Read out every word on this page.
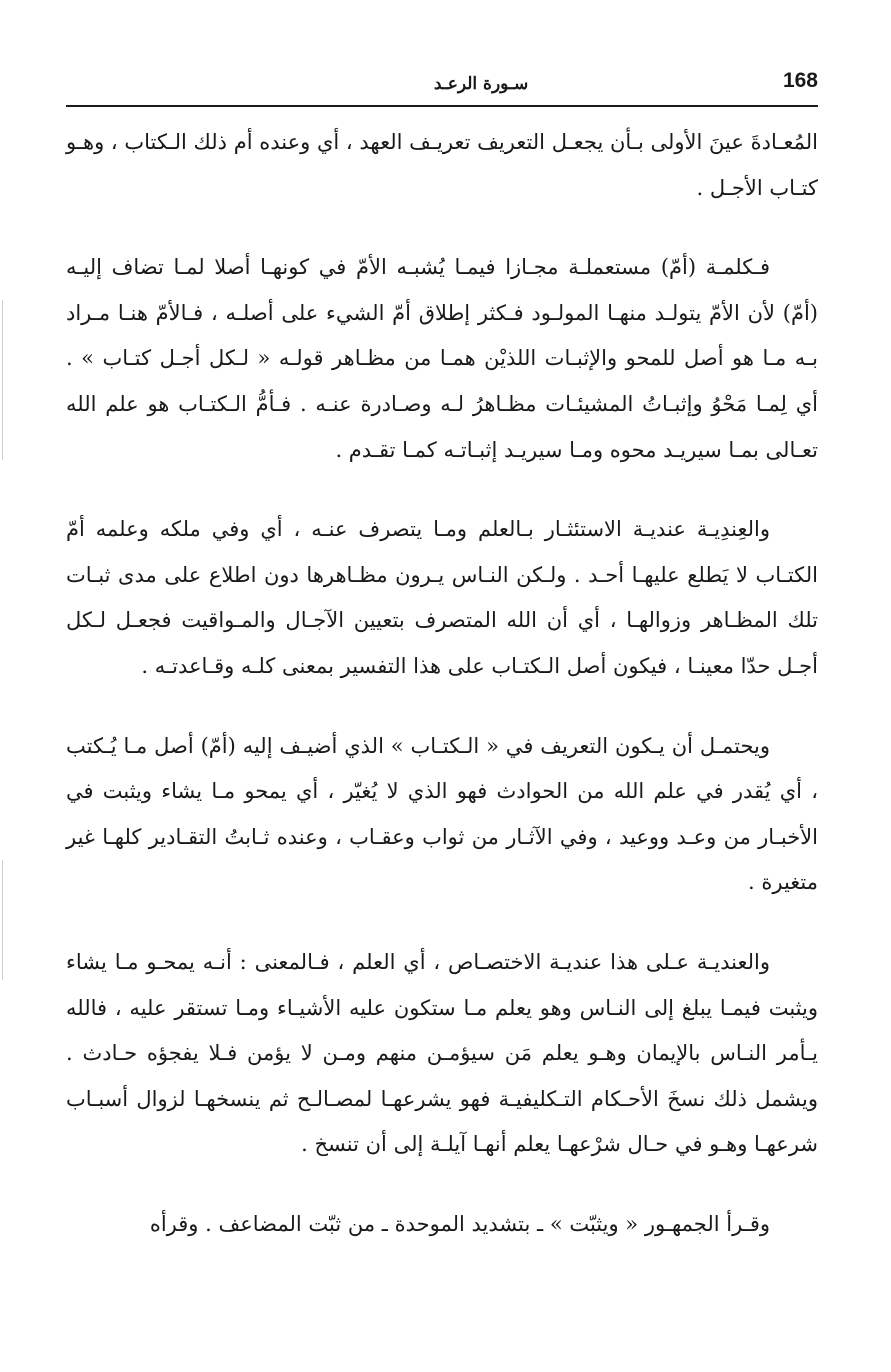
سـورة الرعـد	168

المُعـادةَ عينَ الأولى بـأن يجعـل التعريف تعريـف العهد ، أي وعنده أم ذلك الـكتاب ، وهـو كتـاب الأجـل .

فـكلمـة (أمّ) مستعملـة مجـازا فيمـا يُشبـه الأمّ في كونهـا أصلا لمـا تضاف إليـه (أمّ) لأن الأمّ يتولـد منهـا المولـود فـكثر إطلاق أمّ الشيء على أصلـه ، فـالأمّ هنـا مـراد بـه مـا هو أصل للمحو والإثبـات اللذيْن همـا من مظـاهر قولـه « لـكل أجـل كتـاب » . أي لِمـا مَحْوُ وإثبـاتُ المشيئـات مظـاهرُ لـه وصـادرة عنـه . فـأمُّ الـكتـاب هو علم الله تعـالى بمـا سيريـد محوه ومـا سيريـد إثبـاتـه كمـا تقـدم .

والعِندِيـة عنديـة الاستئثـار بـالعلم ومـا يتصرف عنـه ، أي وفي ملكه وعلمه أمّ الكتـاب لا يَطلع عليهـا أحـد . ولـكن النـاس يـرون مظـاهرها دون اطلاع على مدى ثبـات تلك المظـاهر وزوالهـا ، أي أن الله المتصرف بتعيين الآجـال والمـواقيت فجعـل لـكل أجـل حدّا معينـا ، فيكون أصل الـكتـاب على هذا التفسير بمعنى كلـه وقـاعدتـه .

ويحتمـل أن يـكون التعريف في « الـكتـاب » الذي أضيـف إليه (أمّ) أصل مـا يُـكتب ، أي يُقدر في علم الله من الحوادث فهو الذي لا يُغيّر ، أي يمحو مـا يشاء ويثبت في الأخبـار من وعـد ووعيد ، وفي الآثـار من ثواب وعقـاب ، وعنده ثـابتُ التقـادير كلهـا غير متغيرة .

والعنديـة عـلى هذا عنديـة الاختصـاص ، أي العلم ، فـالمعنى : أنـه يمحـو مـا يشاء ويثبت فيمـا يبلغ إلى النـاس وهو يعلم مـا ستكون عليه الأشيـاء ومـا تستقر عليه ، فالله يـأمر النـاس بالإيمان وهـو يعلم مَن سيؤمـن منهم ومـن لا يؤمن فـلا يفجؤه حـادث . ويشمل ذلك نسخَ الأحـكام التـكليفيـة فهو يشرعهـا لمصـالـح ثم ينسخهـا لزوال أسبـاب شرعهـا وهـو في حـال شرْعهـا يعلم أنهـا آيلـة إلى أن تنسخ .

وقـرأ الجمهـور « ويثبّت » ـ بتشديد الموحدة ـ من ثبّت المضاعف . وقرأه
